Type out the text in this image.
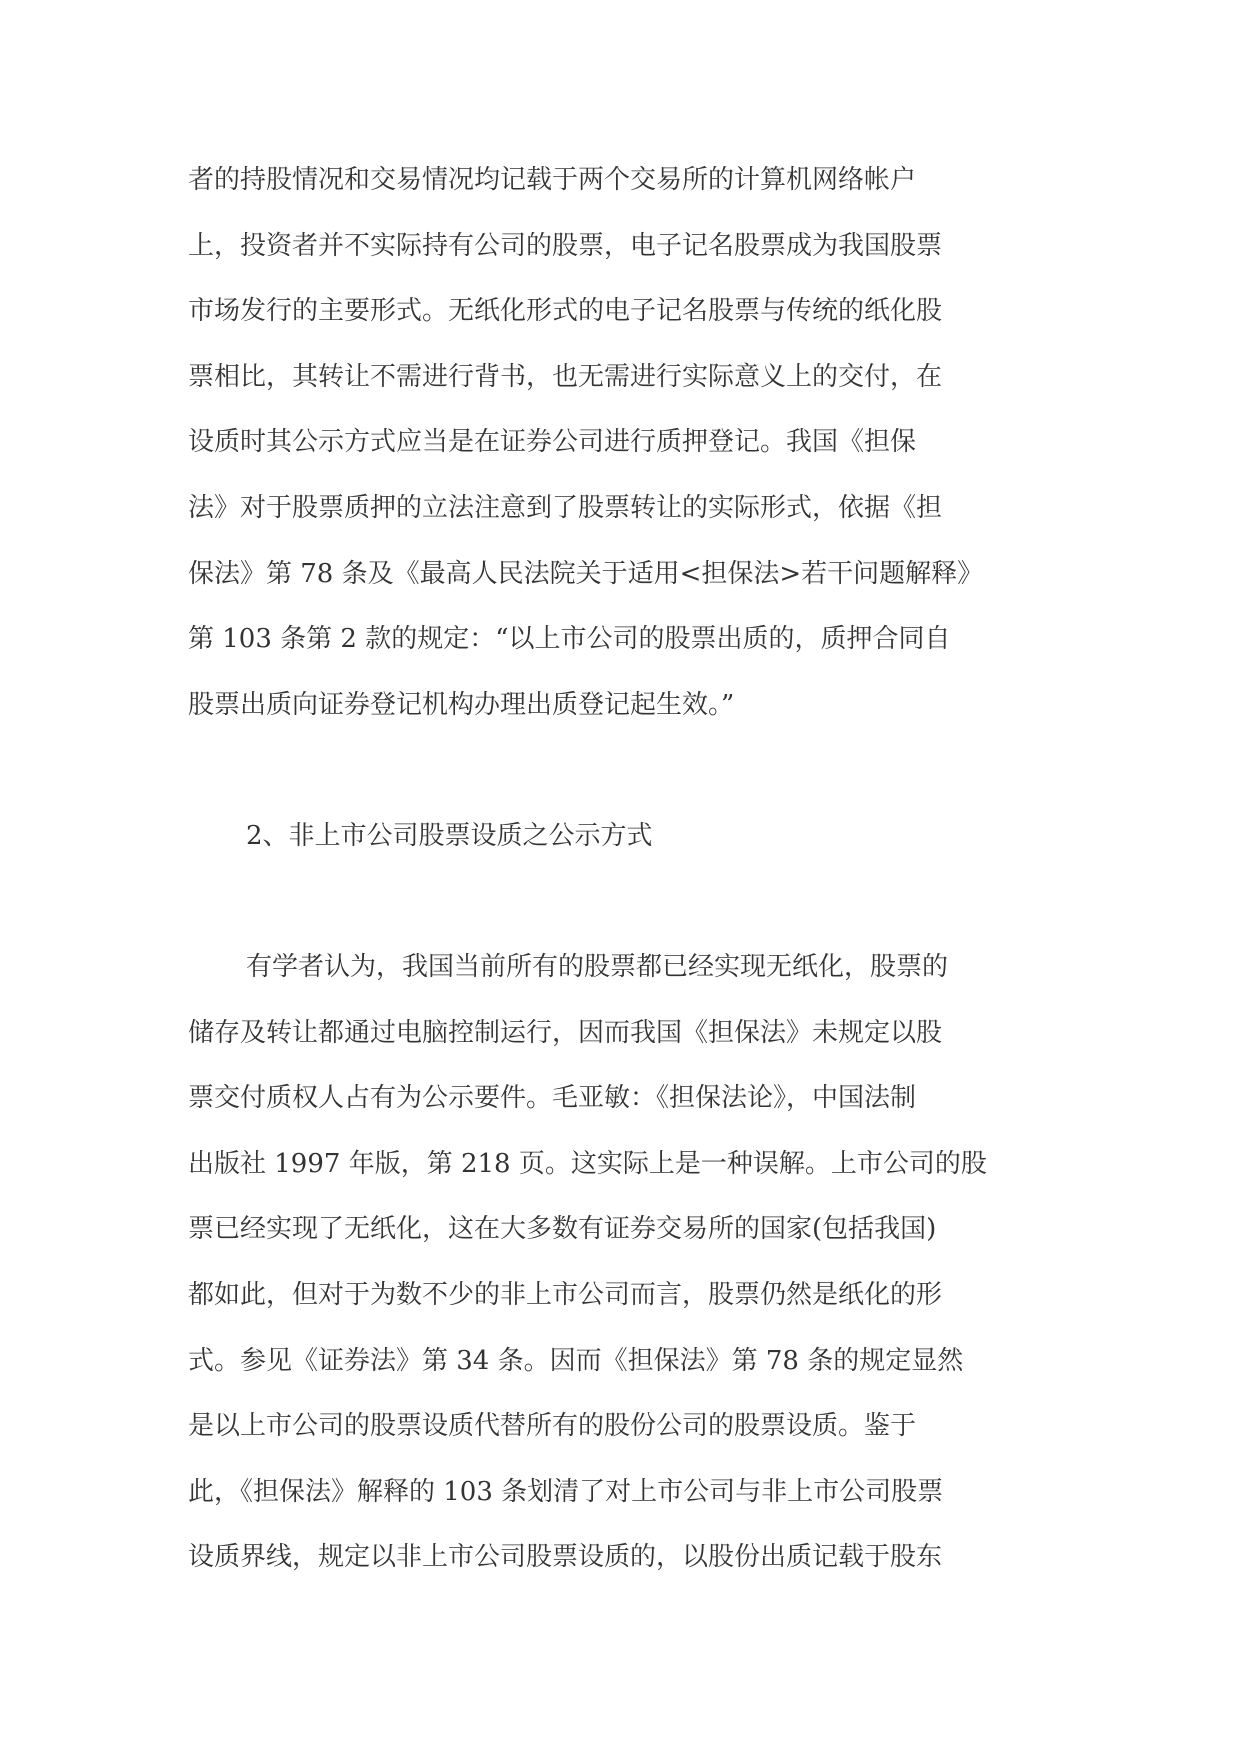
者的持股情况和交易情况均记载于两个交易所的计算机网络帐户
上，投资者并不实际持有公司的股票，电子记名股票成为我国股票
市场发行的主要形式。无纸化形式的电子记名股票与传统的纸化股
票相比，其转让不需进行背书，也无需进行实际意义上的交付，在
设质时其公示方式应当是在证券公司进行质押登记。我国《担保
法》对于股票质押的立法注意到了股票转让的实际形式，依据《担
保法》第 78 条及《最高人民法院关于适用<担保法>若干问题解释》
第 103 条第 2 款的规定：“以上市公司的股票出质的，质押合同自
股票出质向证券登记机构办理出质登记起生效。”
2、非上市公司股票设质之公示方式
有学者认为，我国当前所有的股票都已经实现无纸化，股票的
储存及转让都通过电脑控制运行，因而我国《担保法》未规定以股
票交付质权人占有为公示要件。毛亚敏：《担保法论》，中国法制
出版社 1997 年版，第 218 页。这实际上是一种误解。上市公司的股
票已经实现了无纸化，这在大多数有证券交易所的国家(包括我国)
都如此，但对于为数不少的非上市公司而言，股票仍然是纸化的形
式。参见《证券法》第 34 条。因而《担保法》第 78 条的规定显然
是以上市公司的股票设质代替所有的股份公司的股票设质。鉴于
此，《担保法》解释的 103 条划清了对上市公司与非上市公司股票
设质界线，规定以非上市公司股票设质的，以股份出质记载于股东
